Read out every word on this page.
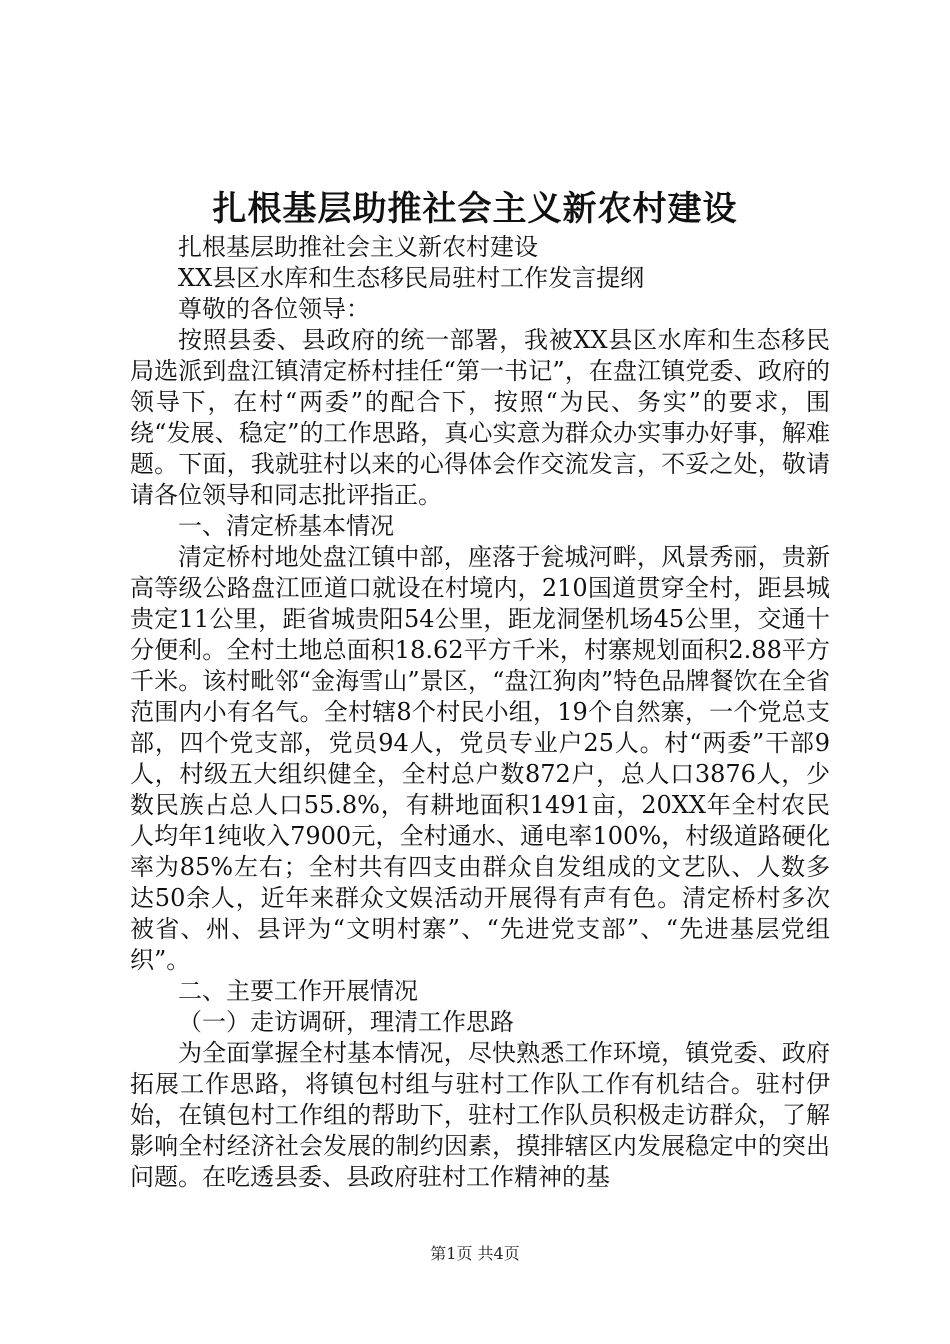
扎根基层助推社会主义新农村建设

扎根基层助推社会主义新农村建设

XX县区水库和生态移民局驻村工作发言提纲

尊敬的各位领导：

按照县委、县政府的统一部署，我被XX县区水库和生态移民局选派到盘江镇清定桥村挂任“第一书记”，在盘江镇党委、政府的领导下，在村“两委”的配合下，按照“为民、务实”的要求，围绕“发展、稳定”的工作思路，真心实意为群众办实事办好事，解难题。下面，我就驻村以来的心得体会作交流发言，不妥之处，敬请请各位领导和同志批评指正。

一、清定桥基本情况

清定桥村地处盘江镇中部，座落于瓮城河畔，风景秀丽，贵新高等级公路盘江匝道口就设在村境内，210国道贯穿全村，距县城贵定11公里，距省城贵阳54公里，距龙洞堡机场45公里，交通十分便利。全村土地总面积18.62平方千米，村寨规划面积2.88平方千米。该村毗邻“金海雪山”景区，“盘江狗肉”特色品牌餐饮在全省范围内小有名气。全村辖8个村民小组，19个自然寨，一个党总支部，四个党支部，党员94人，党员专业户25人。村“两委”干部9人，村级五大组织健全，全村总户数872户，总人口3876人，少数民族占总人口55.8%，有耕地面积1491亩，20XX年全村农民人均年1纯收入7900元，全村通水、通电率100%，村级道路硬化率为85%左右；全村共有四支由群众自发组成的文艺队、人数多达50余人，近年来群众文娱活动开展得有声有色。清定桥村多次被省、州、县评为“文明村寨”、“先进党支部”、“先进基层党组织”。

二、主要工作开展情况

（一）走访调研，理清工作思路

为全面掌握全村基本情况，尽快熟悉工作环境，镇党委、政府拓展工作思路，将镇包村组与驻村工作队工作有机结合。驻村伊始，在镇包村工作组的帮助下，驻村工作队员积极走访群众，了解影响全村经济社会发展的制约因素，摸排辖区内发展稳定中的突出问题。在吃透县委、县政府驻村工作精神的基

第1页 共4页
